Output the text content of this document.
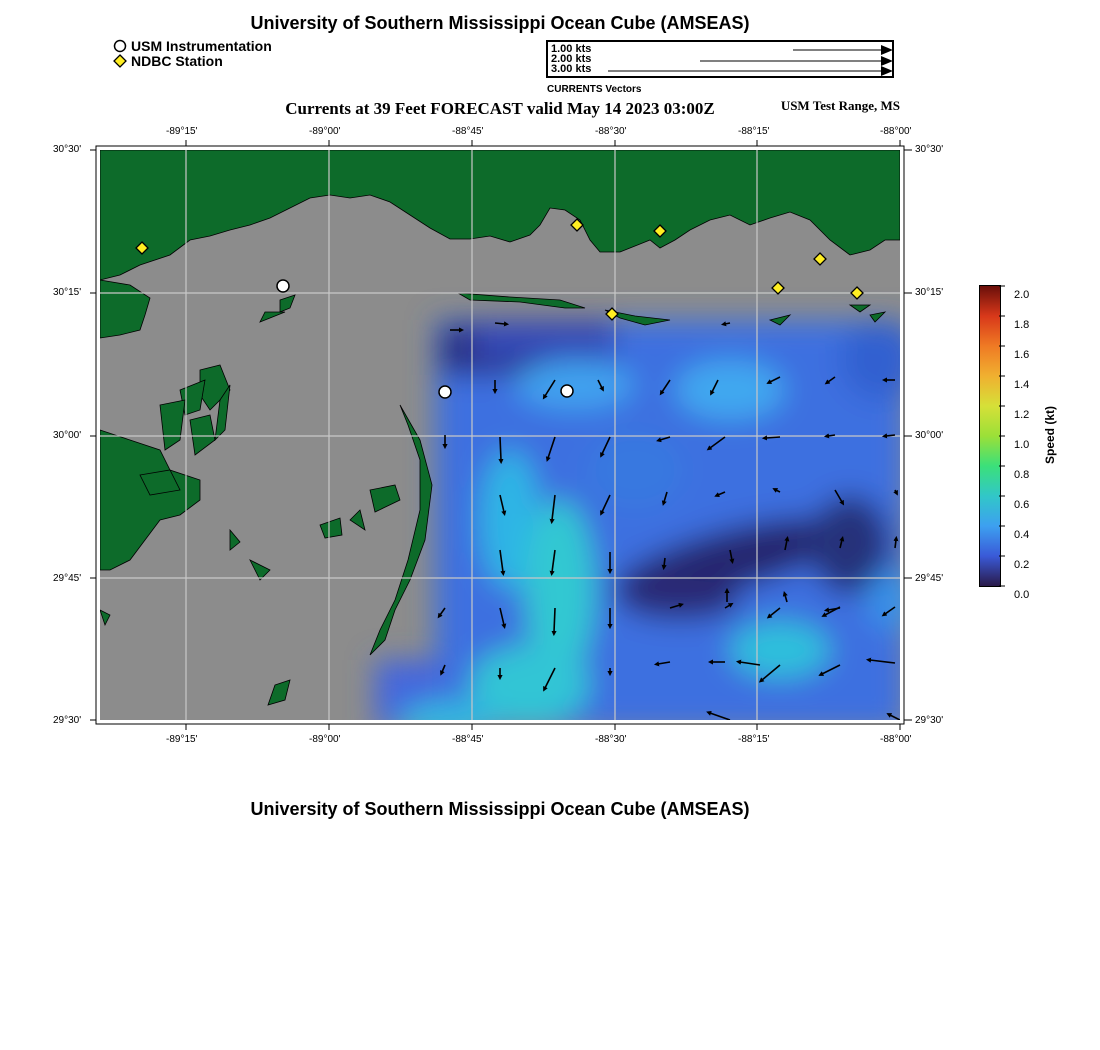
University of Southern Mississippi Ocean Cube (AMSEAS)
USM Instrumentation
NDBC Station
1.00 kts
2.00 kts
3.00 kts
CURRENTS Vectors
Currents at 39 Feet FORECAST valid May 14 2023 03:00Z	USM Test Range, MS
-89°15'	-89°00'	-88°45'	-88°30'	-88°15'	-88°00'
-89°15'	-89°00'	-88°45'	-88°30'	-88°15'	-88°00'
30°30'
30°15'
30°00'
29°45'
29°30'
30°30'
30°15'
30°00'
29°45'
29°30'
2.0
1.8
1.6
1.4
1.2
1.0
0.8
0.6
0.4
0.2
0.0
Speed (kt)
University of Southern Mississippi Ocean Cube (AMSEAS)
